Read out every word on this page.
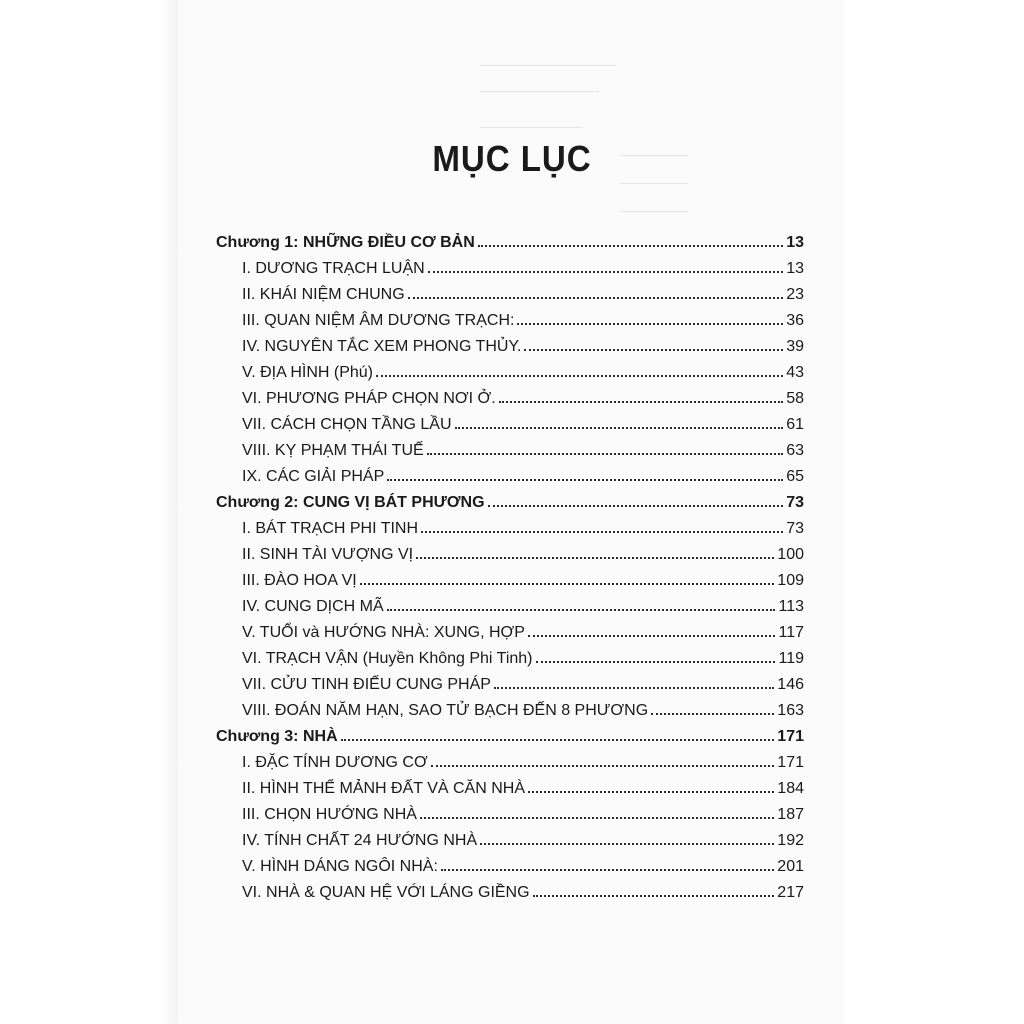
MỤC LỤC
Chương 1: NHỮNG ĐIỀU CƠ BẢN	13
I. DƯƠNG TRẠCH LUẬN	13
II. KHÁI NIỆM CHUNG	23
III. QUAN NIỆM ÂM DƯƠNG TRẠCH:	36
IV. NGUYÊN TẮC XEM PHONG THỦY.	39
V. ĐỊA HÌNH (Phú)	43
VI. PHƯƠNG PHÁP CHỌN NƠI Ở.	58
VII. CÁCH CHỌN TẦNG LẦU	61
VIII. KỴ PHẠM THÁI TUẾ	63
IX. CÁC GIẢI PHÁP	65
Chương 2: CUNG VỊ BÁT PHƯƠNG	73
I. BÁT TRẠCH PHI TINH	73
II. SINH TÀI VƯỢNG VỊ	100
III. ĐÀO HOA VỊ	109
IV. CUNG DỊCH MÃ	113
V. TUỔI và HƯỚNG NHÀ: XUNG, HỢP	117
VI. TRẠCH VẬN (Huyền Không Phi Tinh)	119
VII. CỬU TINH ĐIẾU CUNG PHÁP	146
VIII. ĐOÁN NĂM HẠN, SAO TỬ BẠCH ĐẾN 8 PHƯƠNG	163
Chương 3: NHÀ	171
I. ĐẶC TÍNH DƯƠNG CƠ	171
II. HÌNH THỂ MẢNH ĐẤT VÀ CĂN NHÀ	184
III. CHỌN HƯỚNG NHÀ	187
IV. TÍNH CHẤT 24 HƯỚNG NHÀ	192
V. HÌNH DÁNG NGÔI NHÀ:	201
VI. NHÀ & QUAN HỆ VỚI LÁNG GIỀNG	217
